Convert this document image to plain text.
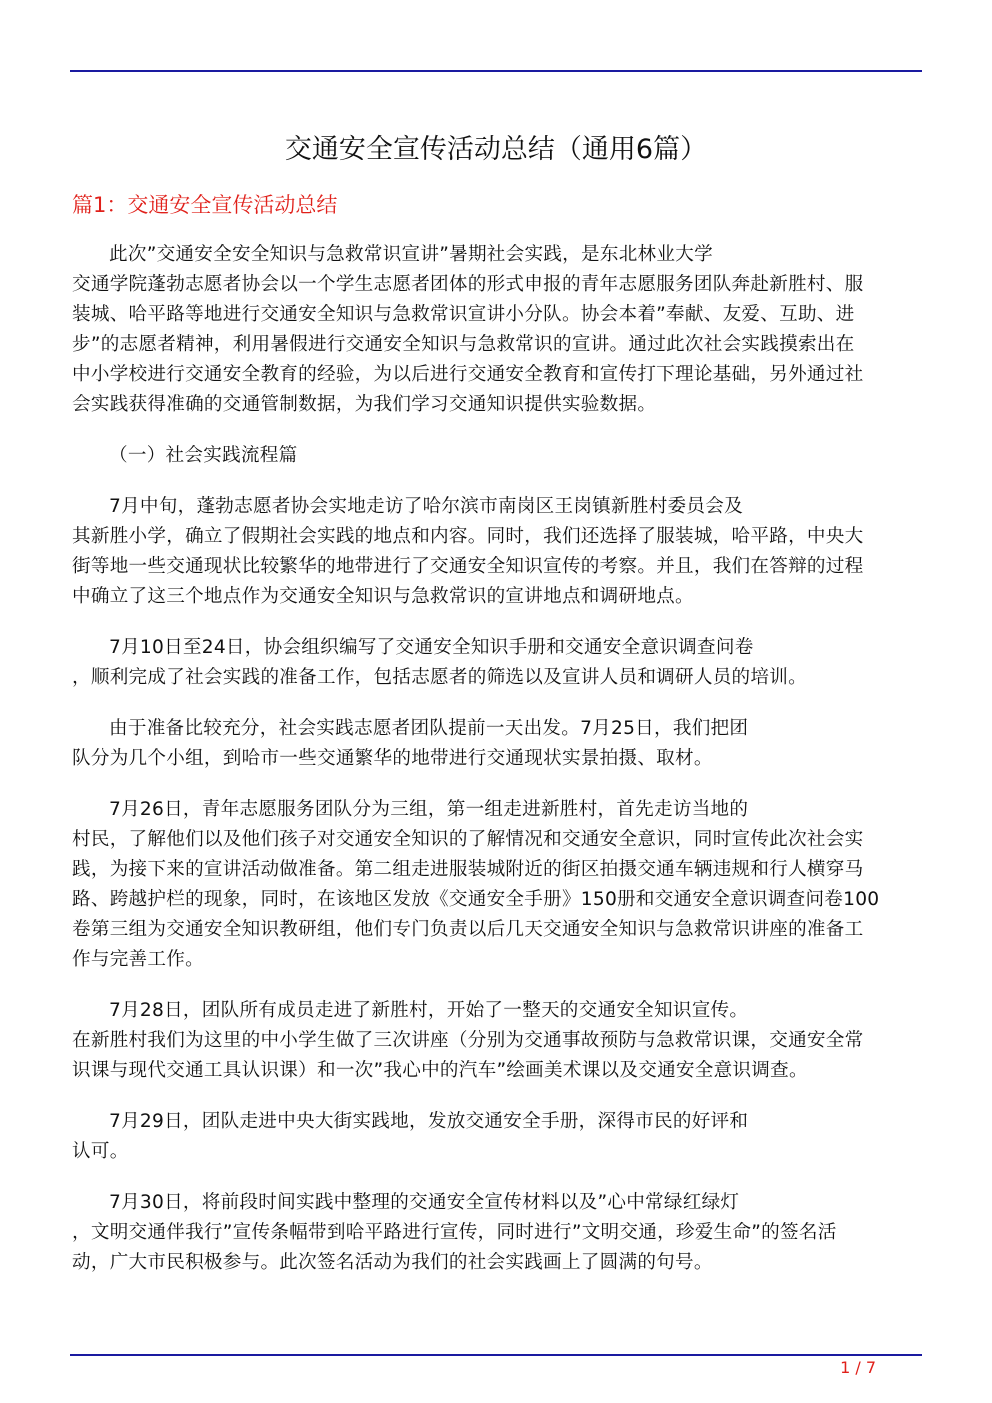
交通安全宣传活动总结（通用6篇）
篇1：交通安全宣传活动总结
此次”交通安全安全知识与急救常识宣讲”暑期社会实践，是东北林业大学
交通学院蓬勃志愿者协会以一个学生志愿者团体的形式申报的青年志愿服务团队奔赴新胜村、服
装城、哈平路等地进行交通安全知识与急救常识宣讲小分队。协会本着”奉献、友爱、互助、进
步”的志愿者精神，利用暑假进行交通安全知识与急救常识的宣讲。通过此次社会实践摸索出在
中小学校进行交通安全教育的经验，为以后进行交通安全教育和宣传打下理论基础，另外通过社
会实践获得准确的交通管制数据，为我们学习交通知识提供实验数据。
（一）社会实践流程篇
7月中旬，蓬勃志愿者协会实地走访了哈尔滨市南岗区王岗镇新胜村委员会及
其新胜小学，确立了假期社会实践的地点和内容。同时，我们还选择了服装城，哈平路，中央大
街等地一些交通现状比较繁华的地带进行了交通安全知识宣传的考察。并且，我们在答辩的过程
中确立了这三个地点作为交通安全知识与急救常识的宣讲地点和调研地点。
7月10日至24日，协会组织编写了交通安全知识手册和交通安全意识调查问卷
，顺利完成了社会实践的准备工作，包括志愿者的筛选以及宣讲人员和调研人员的培训。
由于准备比较充分，社会实践志愿者团队提前一天出发。7月25日，我们把团
队分为几个小组，到哈市一些交通繁华的地带进行交通现状实景拍摄、取材。
7月26日，青年志愿服务团队分为三组，第一组走进新胜村，首先走访当地的
村民，了解他们以及他们孩子对交通安全知识的了解情况和交通安全意识，同时宣传此次社会实
践，为接下来的宣讲活动做准备。第二组走进服装城附近的街区拍摄交通车辆违规和行人横穿马
路、跨越护栏的现象，同时，在该地区发放《交通安全手册》150册和交通安全意识调查问卷100
卷第三组为交通安全知识教研组，他们专门负责以后几天交通安全知识与急救常识讲座的准备工
作与完善工作。
7月28日，团队所有成员走进了新胜村，开始了一整天的交通安全知识宣传。
在新胜村我们为这里的中小学生做了三次讲座（分别为交通事故预防与急救常识课，交通安全常
识课与现代交通工具认识课）和一次”我心中的汽车”绘画美术课以及交通安全意识调查。
7月29日，团队走进中央大街实践地，发放交通安全手册，深得市民的好评和
认可。
7月30日，将前段时间实践中整理的交通安全宣传材料以及”心中常绿红绿灯
，文明交通伴我行”宣传条幅带到哈平路进行宣传，同时进行”文明交通，珍爱生命”的签名活
动，广大市民积极参与。此次签名活动为我们的社会实践画上了圆满的句号。
1 / 7
